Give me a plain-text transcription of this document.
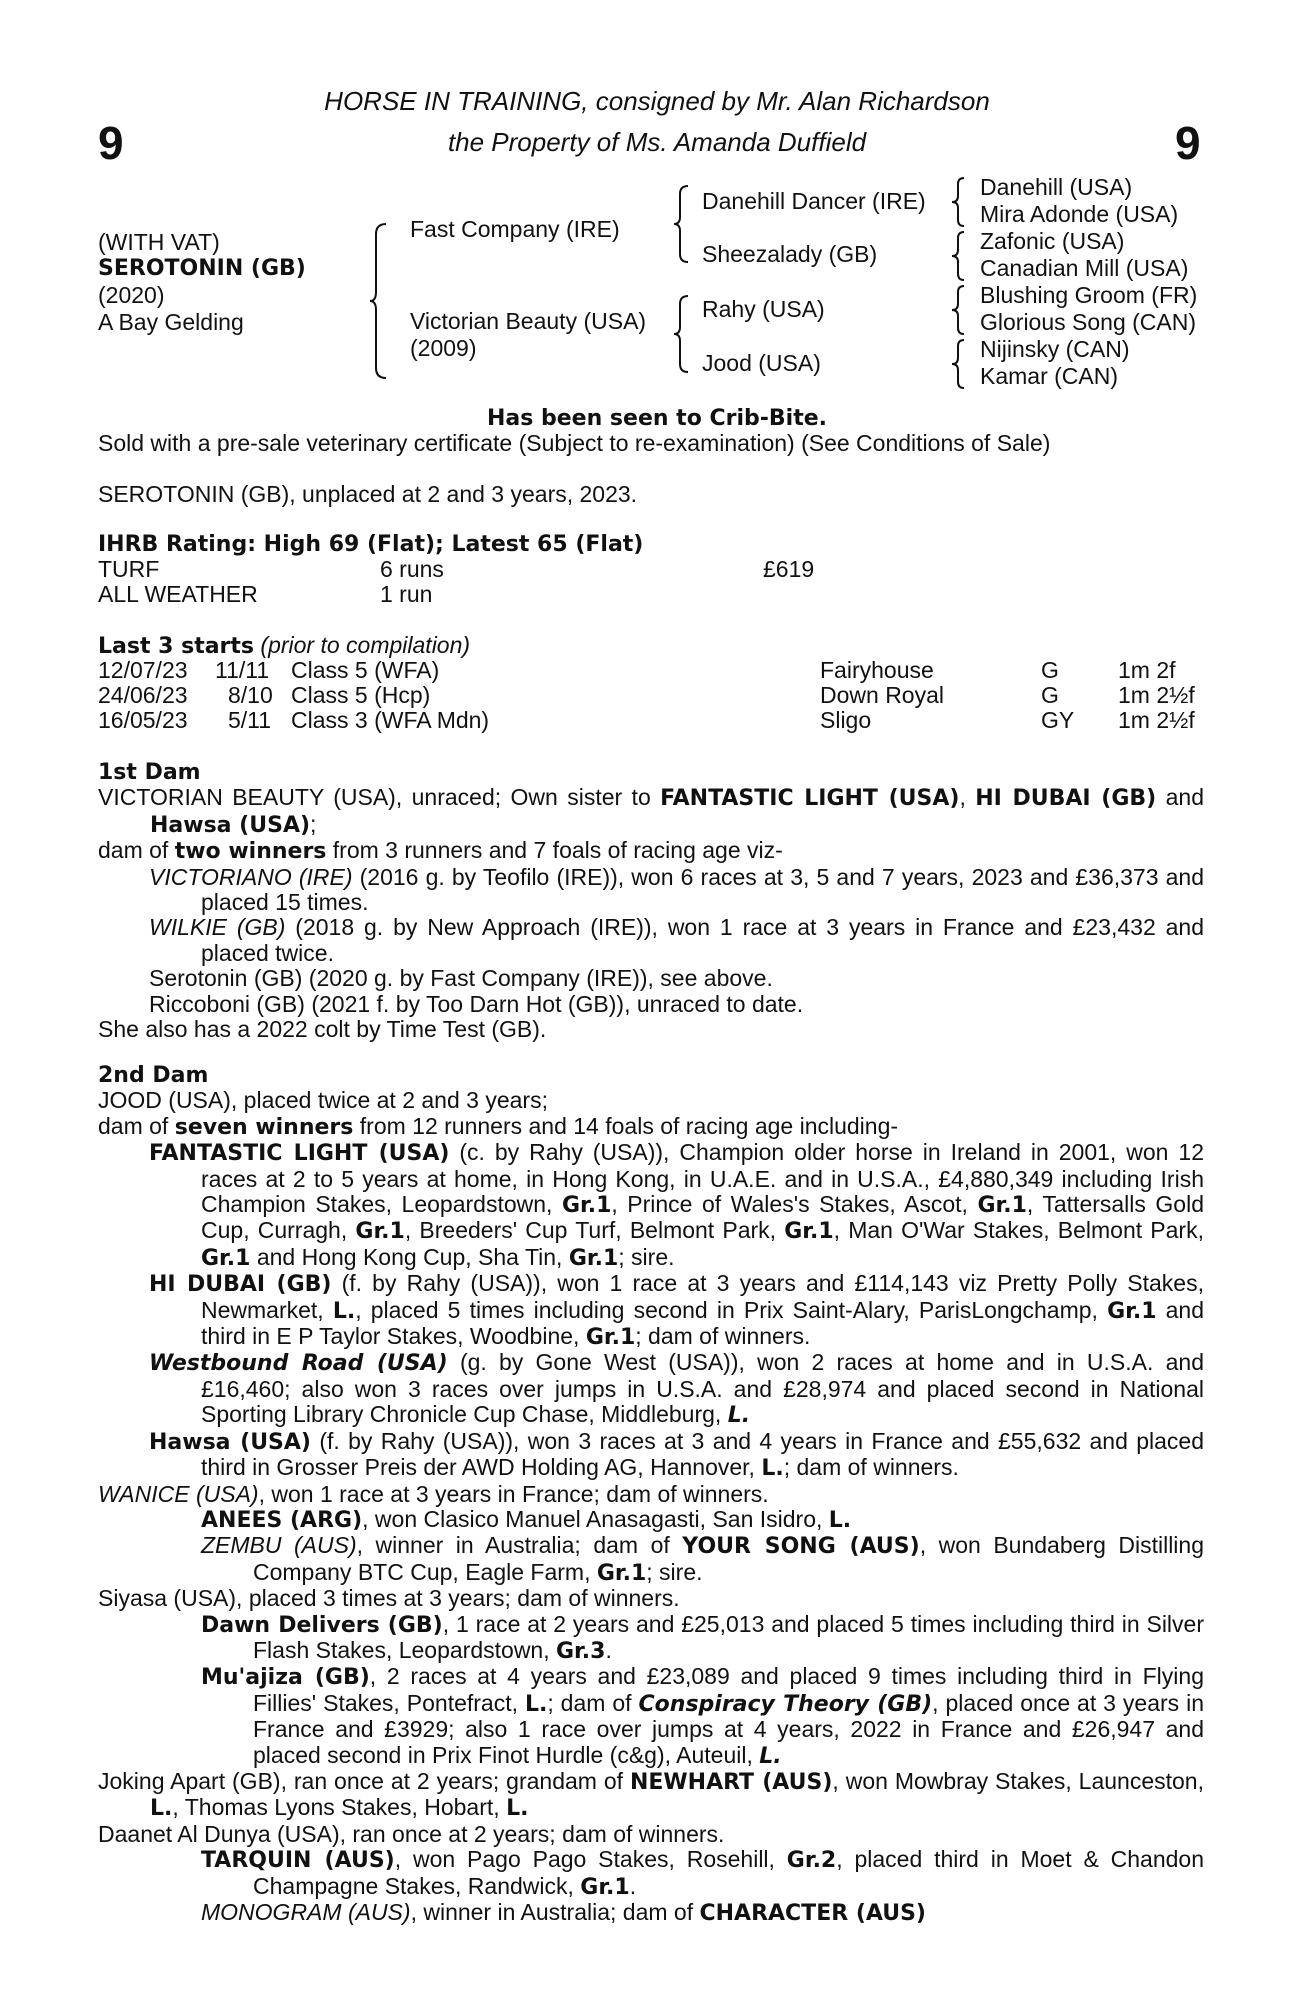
HORSE IN TRAINING, consigned by Mr. Alan Richardson
the Property of Ms. Amanda Duffield
9	9
(WITH VAT)
SEROTONIN (GB)
(2020)
A Bay Gelding
Fast Company (IRE)
Victorian Beauty (USA)
(2009)
Danehill Dancer (IRE)
Sheezalady (GB)
Rahy (USA)
Jood (USA)
Danehill (USA)
Mira Adonde (USA)
Zafonic (USA)
Canadian Mill (USA)
Blushing Groom (FR)
Glorious Song (CAN)
Nijinsky (CAN)
Kamar (CAN)
Has been seen to Crib-Bite.
Sold with a pre-sale veterinary certificate (Subject to re-examination) (See Conditions of Sale)
SEROTONIN (GB), unplaced at 2 and 3 years, 2023.
IHRB Rating: High 69 (Flat); Latest 65 (Flat)
TURF	6 runs	£619
ALL WEATHER	1 run
Last 3 starts (prior to compilation)
12/07/23 11/11 Class 5 (WFA)	Fairyhouse	G	1m 2f
24/06/23 8/10 Class 5 (Hcp)	Down Royal	G	1m 2½f
16/05/23 5/11 Class 3 (WFA Mdn)	Sligo	GY 1m 2½f
1st Dam
VICTORIAN BEAUTY (USA), unraced; Own sister to FANTASTIC LIGHT (USA), HI DUBAI (GB) and Hawsa (USA);
dam of two winners from 3 runners and 7 foals of racing age viz-
VICTORIANO (IRE) (2016 g. by Teofilo (IRE)), won 6 races at 3, 5 and 7 years, 2023 and £36,373 and placed 15 times.
WILKIE (GB) (2018 g. by New Approach (IRE)), won 1 race at 3 years in France and £23,432 and placed twice.
Serotonin (GB) (2020 g. by Fast Company (IRE)), see above.
Riccoboni (GB) (2021 f. by Too Darn Hot (GB)), unraced to date.
She also has a 2022 colt by Time Test (GB).
2nd Dam
JOOD (USA), placed twice at 2 and 3 years;
dam of seven winners from 12 runners and 14 foals of racing age including-
FANTASTIC LIGHT (USA) (c. by Rahy (USA)), Champion older horse in Ireland in 2001, won 12 races at 2 to 5 years at home, in Hong Kong, in U.A.E. and in U.S.A., £4,880,349 including Irish Champion Stakes, Leopardstown, Gr.1, Prince of Wales's Stakes, Ascot, Gr.1, Tattersalls Gold Cup, Curragh, Gr.1, Breeders' Cup Turf, Belmont Park, Gr.1, Man O'War Stakes, Belmont Park, Gr.1 and Hong Kong Cup, Sha Tin, Gr.1; sire.
HI DUBAI (GB) (f. by Rahy (USA)), won 1 race at 3 years and £114,143 viz Pretty Polly Stakes, Newmarket, L., placed 5 times including second in Prix Saint-Alary, ParisLongchamp, Gr.1 and third in E P Taylor Stakes, Woodbine, Gr.1; dam of winners.
Westbound Road (USA) (g. by Gone West (USA)), won 2 races at home and in U.S.A. and £16,460; also won 3 races over jumps in U.S.A. and £28,974 and placed second in National Sporting Library Chronicle Cup Chase, Middleburg, L.
Hawsa (USA) (f. by Rahy (USA)), won 3 races at 3 and 4 years in France and £55,632 and placed third in Grosser Preis der AWD Holding AG, Hannover, L.; dam of winners.
WANICE (USA), won 1 race at 3 years in France; dam of winners.
ANEES (ARG), won Clasico Manuel Anasagasti, San Isidro, L.
ZEMBU (AUS), winner in Australia; dam of YOUR SONG (AUS), won Bundaberg Distilling Company BTC Cup, Eagle Farm, Gr.1; sire.
Siyasa (USA), placed 3 times at 3 years; dam of winners.
Dawn Delivers (GB), 1 race at 2 years and £25,013 and placed 5 times including third in Silver Flash Stakes, Leopardstown, Gr.3.
Mu'ajiza (GB), 2 races at 4 years and £23,089 and placed 9 times including third in Flying Fillies' Stakes, Pontefract, L.; dam of Conspiracy Theory (GB), placed once at 3 years in France and £3929; also 1 race over jumps at 4 years, 2022 in France and £26,947 and placed second in Prix Finot Hurdle (c&g), Auteuil, L.
Joking Apart (GB), ran once at 2 years; grandam of NEWHART (AUS), won Mowbray Stakes, Launceston, L., Thomas Lyons Stakes, Hobart, L.
Daanet Al Dunya (USA), ran once at 2 years; dam of winners.
TARQUIN (AUS), won Pago Pago Stakes, Rosehill, Gr.2, placed third in Moet & Chandon Champagne Stakes, Randwick, Gr.1.
MONOGRAM (AUS), winner in Australia; dam of CHARACTER (AUS)
